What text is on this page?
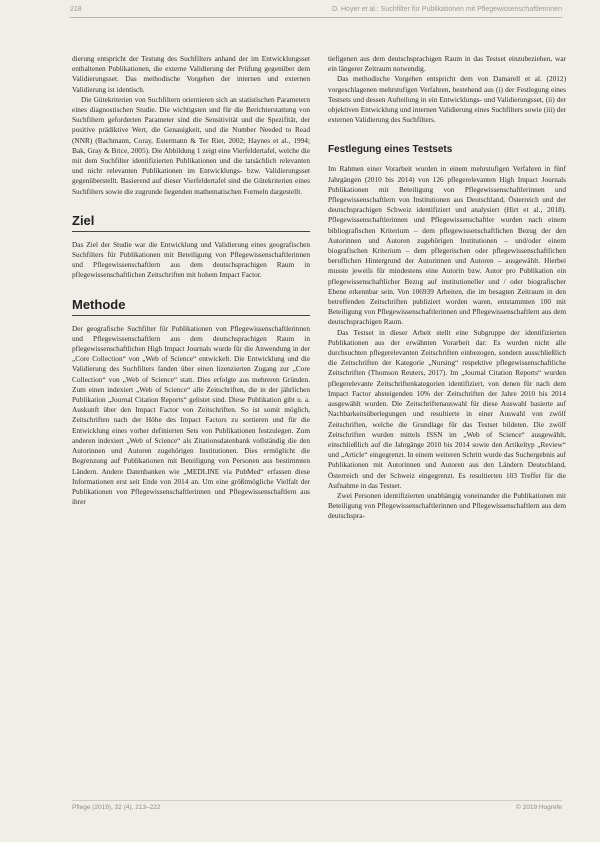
218	D. Hoyer et al.: Suchfilter für Publikationen mit Pflegewissenschaftlerinnen

dierung entspricht der Testung des Suchfilters anhand der im Entwicklungsset enthaltenen Publikationen, die externe Validierung der Prüfung gegenüber dem Validierungsset. Das methodische Vorgehen der internen und externen Validierung ist identisch.

Die Gütekriterien von Suchfiltern orientieren sich an statistischen Parametern eines diagnostischen Studie. Die wichtigsten und für die Berichterstattung von Suchfiltern geforderten Parameter sind die Sensitivität und die Spezifität, der positive prädiktive Wert, die Genauigkeit, und die Number Needed to Read (NNR) (Bachmann, Coray, Estermann & Ter Riet, 2002; Haynes et al., 1994; Bak, Gray & Brice, 2005). Die Abbildung 1 zeigt eine Vierfeldertafel, welche die mit dem Suchfilter identifizierten Publikationen und die tatsächlich relevanten und nicht relevanten Publikationen im Entwicklungs- bzw. Validierungsset gegenüberstellt. Basierend auf dieser Vierfeldertafel sind die Gütekriterien eines Suchfilters sowie die zugrunde liegenden mathematischen Formeln dargestellt.

Ziel

Das Ziel der Studie war die Entwicklung und Validierung eines geografischen Suchfilters für Publikationen mit Beteiligung von Pflegewissenschaftlerinnen und Pflegewissenschaftlern aus dem deutschsprachigen Raum in pflegewissenschaftlichen Zeitschriften mit hohem Impact Factor.

Methode

Der geografische Suchfilter für Publikationen von Pflegewissenschaftlerinnen und Pflegewissenschaftlern aus dem deutschsprachigen Raum in pflegewissenschaftlichen High Impact Journals wurde für die Anwendung in der „Core Collection“ von „Web of Science“ entwickelt. Die Entwicklung und die Validierung des Suchfilters fanden über einen lizenzierten Zugang zur „Core Collection“ von „Web of Science“ statt. Dies erfolgte aus mehreren Gründen. Zum einen indexiert „Web of Science“ alle Zeitschriften, die in der jährlichen Publikation „Journal Citation Reports“ gelistet sind. Diese Publikation gibt u. a. Auskunft über den Impact Factor von Zeitschriften. So ist somit möglich, Zeitschriften nach der Höhe des Impact Factors zu sortieren und für die Entwicklung eines vorher definierten Sets von Publikationen festzulegen. Zum anderen indexiert „Web of Science“ als Zitationsdatenbank vollständig die den Autorinnen und Autoren zugehörigen Institutionen. Dies ermöglicht die Begrenzung auf Publikationen mit Beteiligung von Personen aus bestimmten Ländern. Andere Datenbanken wie „MEDLINE via PubMed“ erfassen diese Informationen erst seit Ende von 2014 an. Um eine größtmögliche Vielfalt der Publikationen von Pflegewissenschaftlerinnen und Pflegewissenschaftlern aus ihrer

tiefigenen aus dem deutschsprachigen Raum in das Testset einzubeziehen, war ein längerer Zeitraum notwendig.

Das methodische Vorgehen entspricht dem von Damarell et al. (2012) vorgeschlagenen mehrstufigen Verfahren, bestehend aus (i) der Festlegung eines Testsets und dessen Aufteilung in ein Entwicklungs- und Validierungsset, (ii) der objektiven Entwicklung und internen Validierung eines Suchfilters sowie (iii) der externen Validierung des Suchfilters.

Festlegung eines Testsets

Im Rahmen einer Vorarbeit wurden in einem mehrstufigen Verfahren in fünf Jahrgängen (2010 bis 2014) von 126 pflegerelevanten High Impact Journals Publikationen mit Beteiligung von Pflegewissenschaftlerinnen und Pflegewissenschaftlern von Institutionen aus Deutschland, Österreich und der deutschsprachigen Schweiz identifiziert und analysiert (Hirt et al., 2018). Pflegewissenschaftlerinnen und Pflegewissenschaftler wurden nach einem bibliografischen Kriterium – dem pflegewissenschaftlichen Bezug der den Autorinnen und Autoren zugehörigen Institutionen – und/oder einem biografischen Kriterium – dem pflegerischen oder pflegewissenschaftlichen beruflichen Hintergrund der Autorinnen und Autoren – ausgewählt. Hierbei musste jeweils für mindestens eine Autorin bzw. Autor pro Publikation ein pflegewissenschaftlicher Bezug auf institutioneller und / oder biografischer Ebene erkennbar sein. Von 106939 Arbeiten, die im besagten Zeitraum in den betreffenden Zeitschriften publiziert worden waren, entstammten 100 mit Beteiligung von Pflegewissenschaftlerinnen und Pflegewissenschaftlern aus dem deutschsprachigen Raum.

Das Testset in dieser Arbeit stellt eine Subgruppe der identifizierten Publikationen aus der erwähnten Vorarbeit dar: Es wurden nicht alle durchsuchten pflegerelevanten Zeitschriften einbezogen, sondern ausschließlich die Zeitschriften der Kategorie „Nursing“ respektive pflegewissenschaftliche Zeitschriften (Thomson Reuters, 2017). Im „Journal Citation Reports“ wurden pflegerelevante Zeitschriftenkategorien identifiziert, von denen für nach dem Impact Factor absteigenden 10% der Zeitschriften der Jahre 2010 bis 2014 ausgewählt wurden. Die Zeitschriftenauswahl für diese Auswahl basierte auf Nachbarkeitsüberlegungen und resultierte in einer Auswahl von zwölf Zeitschriften, welche die Grundlage für das Testset bildeten. Die zwölf Zeitschriften wurden mittels ISSN im „Web of Science“ ausgewählt, einschließlich auf die Jahrgänge 2010 bis 2014 sowie den Artikeltyp „Review“ und „Article“ eingegrenzt. In einem weiteren Schritt wurde das Suchergebnis auf Publikationen mit Autorinnen und Autoren aus den Ländern Deutschland, Österreich und der Schweiz eingegrenzt. Es resultierten 103 Treffer für die Aufnahme in das Testset.

Zwei Personen identifizierten unabhängig voneinander die Publikationen mit Beteiligung von Pflegewissenschaftlerinnen und Pflegewissenschaftlern aus dem deutschspra-

Pflege (2019), 32 (4), 213–222	© 2019 Hogrefe
